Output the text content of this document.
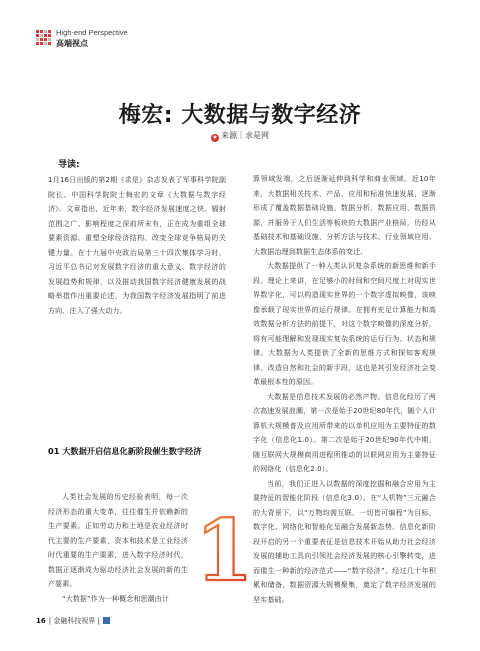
High-end Perspective
高端视点
梅宏: 大数据与数字经济
★ 来源｜求是网
导读:

1月16日出版的第2期《求是》杂志发表了军事科学院副院长、中国科学院院士梅宏的文章《大数据与数字经济》。文章指出，近年来，数字经济发展速度之快、辐射范围之广、影响程度之深前所未有，正在成为重组全球要素资源、重塑全球经济结构、改变全球竞争格局的关键力量。在十九届中央政治局第三十四次集体学习时，习近平总书记对发展数字经济的重大意义、数字经济的发展趋势和规律，以及推动我国数字经济健康发展的战略举措作出重要论述，为我国数字经济发展指明了前进方向、注入了强大动力。

01 大数据开启信息化新阶段催生数字经济

人类社会发展的历史经验表明，每一次经济形态的重大变革，往往催生并依赖新的生产要素。正如劳动力和土地是农业经济时代主要的生产要素，资本和技术是工业经济时代重要的生产要素，进入数字经济时代，数据正逐渐成为驱动经济社会发展的新的生产要素。

“大数据”作为一种概念和思潮由计 1

算领域发端，之后逐渐延伸到科学和商业领域。近10年来，大数据相关技术、产品、应用和标准快速发展，逐渐形成了覆盖数据基础设施、数据分析、数据应用、数据资源，并服务于人们生活等板块的大数据产业格局，历经从基础技术和基础设施、分析方法与技术、行业领域应用、大数据治理到数据生态体系的变迁。

大数据提供了一种人类认识复杂系统的新思维和新手段。理论上来讲，在足够小的时间和空间尺度上对现实世界数字化，可以构造现实世界的一个数字虚拟映像，该映像承载了现实世界的运行规律。在拥有充足计算能力和高效数据分析方法的前提下，对这个数字映像的深度分析，将有可能理解和发现现实复杂系统的运行行为、状态和规律。大数据为人类提供了全新的思维方式和探知客观规律、改造自然和社会的新手段，这也是其引发经济社会变革最根本性的原因。

大数据是信息技术发展的必然产物。信息化经历了两次高速发展浪潮，第一次是始于20世纪80年代，随个人计算机大规模普及应用所带来的以单机应用为主要特征的数字化（信息化1.0）。第二次是始于20世纪90年代中期，随互联网大规模商用进程所推动的以联网应用为主要特征的网络化（信息化2.0）。

当前，我们正进入以数据的深度挖掘和融合应用为主要特征的智能化阶段（信息化3.0）。在“人机物”三元融合的大背景下，以“万物均需互联、一切皆可编程”为目标，数字化、网络化和智能化呈融合发展新态势。信息化新阶段开启的另一个重要表征是信息技术开始从助力社会经济发展的辅助工具向引领社会经济发展的核心引擎转变，进而催生一种新的经济范式——“数字经济”。经过几十年积累和储备，数据资源大规模聚集，奠定了数字经济发展的坚实基础。

16 | 金融科技视界 |
